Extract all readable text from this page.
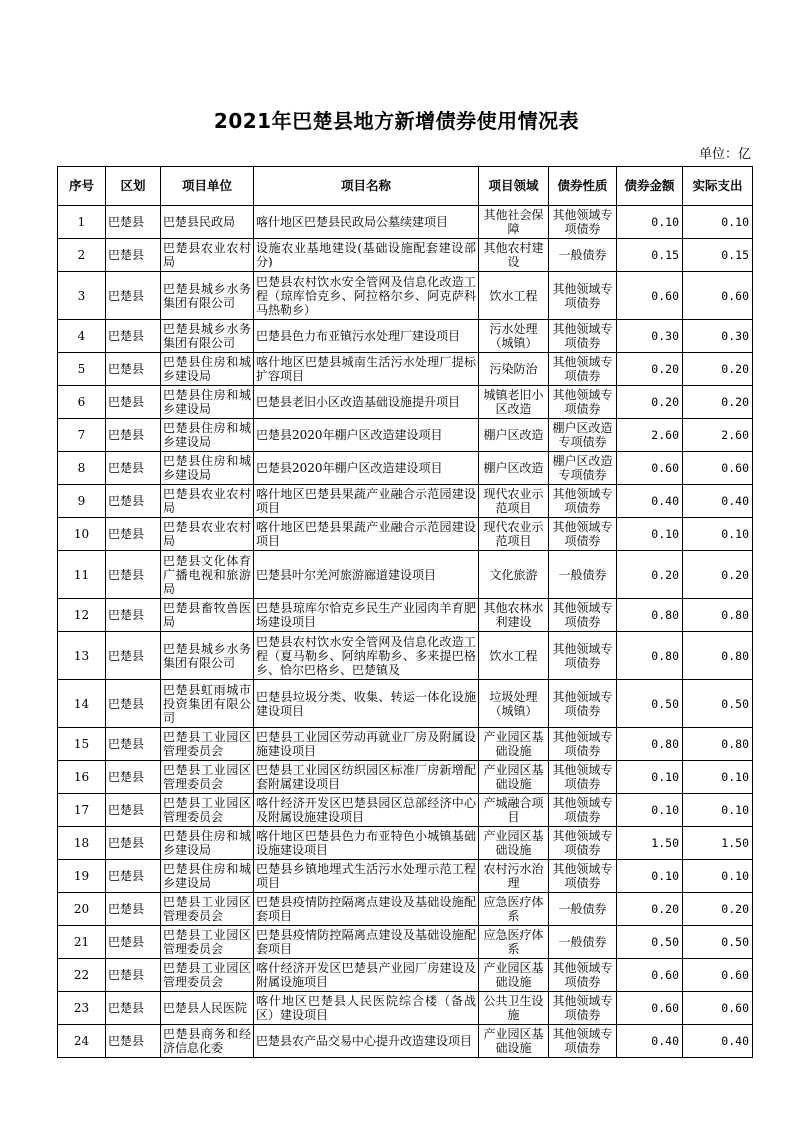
2021年巴楚县地方新增债券使用情况表
单位：亿
序号	区划	项目单位	项目名称	项目领域	债券性质	债券金额	实际支出
1	巴楚县	巴楚县民政局	喀什地区巴楚县民政局公墓续建项目	其他社会保障	其他领域专项债券	0.10	0.10
2	巴楚县	巴楚县农业农村局	设施农业基地建设(基础设施配套建设部分)	其他农村建设	一般债券	0.15	0.15
3	巴楚县	巴楚县城乡水务集团有限公司	巴楚县农村饮水安全管网及信息化改造工程（琼库恰克乡、阿拉格尔乡、阿克萨科马热勒乡）	饮水工程	其他领域专项债券	0.60	0.60
4	巴楚县	巴楚县城乡水务集团有限公司	巴楚县色力布亚镇污水处理厂建设项目	污水处理（城镇）	其他领域专项债券	0.30	0.30
5	巴楚县	巴楚县住房和城乡建设局	喀什地区巴楚县城南生活污水处理厂提标扩容项目	污染防治	其他领域专项债券	0.20	0.20
6	巴楚县	巴楚县住房和城乡建设局	巴楚县老旧小区改造基础设施提升项目	城镇老旧小区改造	其他领域专项债券	0.20	0.20
7	巴楚县	巴楚县住房和城乡建设局	巴楚县2020年棚户区改造建设项目	棚户区改造	棚户区改造专项债券	2.60	2.60
8	巴楚县	巴楚县住房和城乡建设局	巴楚县2020年棚户区改造建设项目	棚户区改造	棚户区改造专项债券	0.60	0.60
9	巴楚县	巴楚县农业农村局	喀什地区巴楚县果蔬产业融合示范园建设项目	现代农业示范项目	其他领域专项债券	0.40	0.40
10	巴楚县	巴楚县农业农村局	喀什地区巴楚县果蔬产业融合示范园建设项目	现代农业示范项目	其他领域专项债券	0.10	0.10
11	巴楚县	巴楚县文化体育广播电视和旅游局	巴楚县叶尔羌河旅游廊道建设项目	文化旅游	一般债券	0.20	0.20
12	巴楚县	巴楚县畜牧兽医局	巴楚县琼库尔恰克乡民生产业园肉羊育肥场建设项目	其他农林水利建设	其他领域专项债券	0.80	0.80
13	巴楚县	巴楚县城乡水务集团有限公司	巴楚县农村饮水安全管网及信息化改造工程（夏马勒乡、阿纳库勒乡、多来提巴格乡、恰尔巴格乡、巴楚镇及	饮水工程	其他领域专项债券	0.80	0.80
14	巴楚县	巴楚县虹雨城市投资集团有限公司	巴楚县垃圾分类、收集、转运一体化设施建设项目	垃圾处理（城镇）	其他领域专项债券	0.50	0.50
15	巴楚县	巴楚县工业园区管理委员会	巴楚县工业园区劳动再就业厂房及附属设施建设项目	产业园区基础设施	其他领域专项债券	0.80	0.80
16	巴楚县	巴楚县工业园区管理委员会	巴楚县工业园区纺织园区标准厂房新增配套附属建设项目	产业园区基础设施	其他领域专项债券	0.10	0.10
17	巴楚县	巴楚县工业园区管理委员会	喀什经济开发区巴楚县园区总部经济中心及附属设施建设项目	产城融合项目	其他领域专项债券	0.10	0.10
18	巴楚县	巴楚县住房和城乡建设局	喀什地区巴楚县色力布亚特色小城镇基础设施建设项目	产业园区基础设施	其他领域专项债券	1.50	1.50
19	巴楚县	巴楚县住房和城乡建设局	巴楚县乡镇地埋式生活污水处理示范工程项目	农村污水治理	其他领域专项债券	0.10	0.10
20	巴楚县	巴楚县工业园区管理委员会	巴楚县疫情防控隔离点建设及基础设施配套项目	应急医疗体系	一般债券	0.20	0.20
21	巴楚县	巴楚县工业园区管理委员会	巴楚县疫情防控隔离点建设及基础设施配套项目	应急医疗体系	一般债券	0.50	0.50
22	巴楚县	巴楚县工业园区管理委员会	喀什经济开发区巴楚县产业园厂房建设及附属设施项目	产业园区基础设施	其他领域专项债券	0.60	0.60
23	巴楚县	巴楚县人民医院	喀什地区巴楚县人民医院综合楼（备战区）建设项目	公共卫生设施	其他领域专项债券	0.60	0.60
24	巴楚县	巴楚县商务和经济信息化委	巴楚县农产品交易中心提升改造建设项目	产业园区基础设施	其他领域专项债券	0.40	0.40
